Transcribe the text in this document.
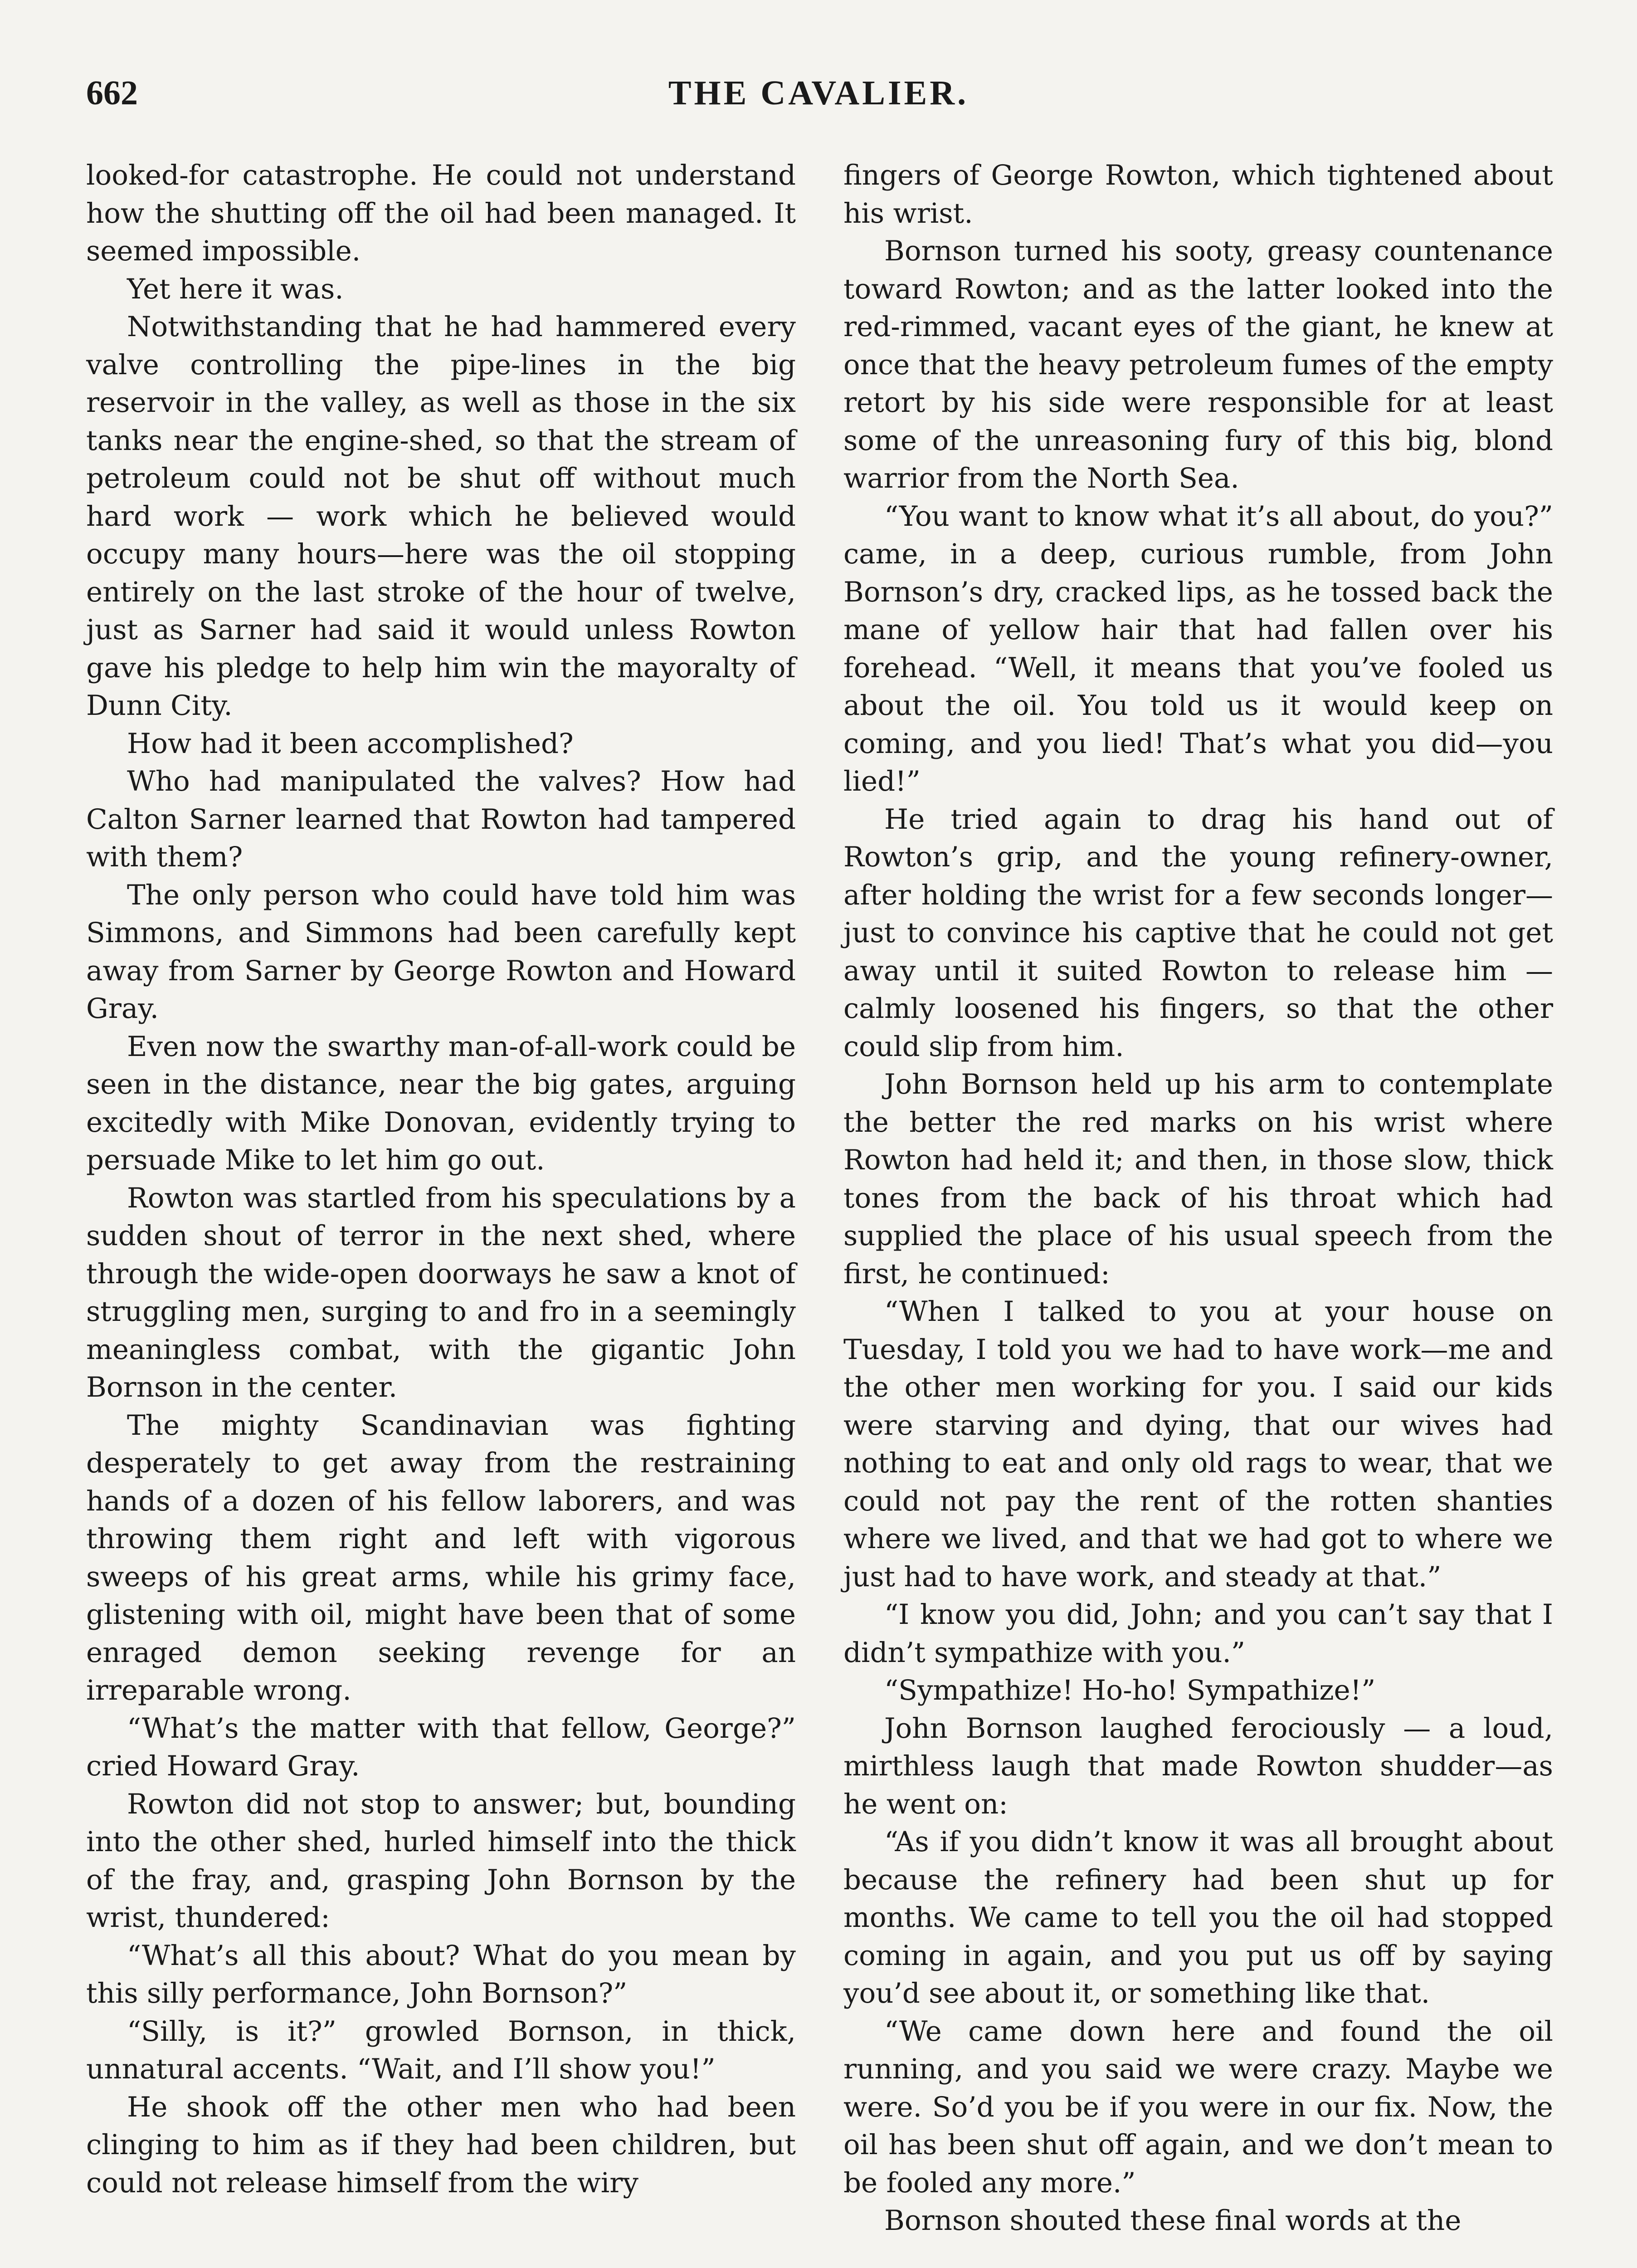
662	THE CAVALIER.

looked-for catastrophe. He could not understand how the shutting off the oil had been managed. It seemed impossible.

Yet here it was.

Notwithstanding that he had hammered every valve controlling the pipe-lines in the big reservoir in the valley, as well as those in the six tanks near the engine-shed, so that the stream of petroleum could not be shut off without much hard work — work which he believed would occupy many hours—here was the oil stopping entirely on the last stroke of the hour of twelve, just as Sarner had said it would unless Rowton gave his pledge to help him win the mayoralty of Dunn City.

How had it been accomplished?

Who had manipulated the valves? How had Calton Sarner learned that Rowton had tampered with them?

The only person who could have told him was Simmons, and Simmons had been carefully kept away from Sarner by George Rowton and Howard Gray.

Even now the swarthy man-of-all-work could be seen in the distance, near the big gates, arguing excitedly with Mike Donovan, evidently trying to persuade Mike to let him go out.

Rowton was startled from his speculations by a sudden shout of terror in the next shed, where through the wide-open doorways he saw a knot of struggling men, surging to and fro in a seemingly meaningless combat, with the gigantic John Bornson in the center.

The mighty Scandinavian was fighting desperately to get away from the restraining hands of a dozen of his fellow laborers, and was throwing them right and left with vigorous sweeps of his great arms, while his grimy face, glistening with oil, might have been that of some enraged demon seeking revenge for an irreparable wrong.

“What’s the matter with that fellow, George?” cried Howard Gray.

Rowton did not stop to answer; but, bounding into the other shed, hurled himself into the thick of the fray, and, grasping John Bornson by the wrist, thundered:

“What’s all this about? What do you mean by this silly performance, John Bornson?”

“Silly, is it?” growled Bornson, in thick, unnatural accents. “Wait, and I’ll show you!”

He shook off the other men who had been clinging to him as if they had been children, but could not release himself from the wiry

fingers of George Rowton, which tightened about his wrist.

Bornson turned his sooty, greasy countenance toward Rowton; and as the latter looked into the red-rimmed, vacant eyes of the giant, he knew at once that the heavy petroleum fumes of the empty retort by his side were responsible for at least some of the unreasoning fury of this big, blond warrior from the North Sea.

“You want to know what it’s all about, do you?” came, in a deep, curious rumble, from John Bornson’s dry, cracked lips, as he tossed back the mane of yellow hair that had fallen over his forehead. “Well, it means that you’ve fooled us about the oil. You told us it would keep on coming, and you lied! That’s what you did—you lied!”

He tried again to drag his hand out of Rowton’s grip, and the young refinery-owner, after holding the wrist for a few seconds longer—just to convince his captive that he could not get away until it suited Rowton to release him — calmly loosened his fingers, so that the other could slip from him.

John Bornson held up his arm to contemplate the better the red marks on his wrist where Rowton had held it; and then, in those slow, thick tones from the back of his throat which had supplied the place of his usual speech from the first, he continued:

“When I talked to you at your house on Tuesday, I told you we had to have work—me and the other men working for you. I said our kids were starving and dying, that our wives had nothing to eat and only old rags to wear, that we could not pay the rent of the rotten shanties where we lived, and that we had got to where we just had to have work, and steady at that.”

“I know you did, John; and you can’t say that I didn’t sympathize with you.”

“Sympathize! Ho-ho! Sympathize!”

John Bornson laughed ferociously — a loud, mirthless laugh that made Rowton shudder—as he went on:

“As if you didn’t know it was all brought about because the refinery had been shut up for months. We came to tell you the oil had stopped coming in again, and you put us off by saying you’d see about it, or something like that.

“We came down here and found the oil running, and you said we were crazy. Maybe we were. So’d you be if you were in our fix. Now, the oil has been shut off again, and we don’t mean to be fooled any more.”

Bornson shouted these final words at the
